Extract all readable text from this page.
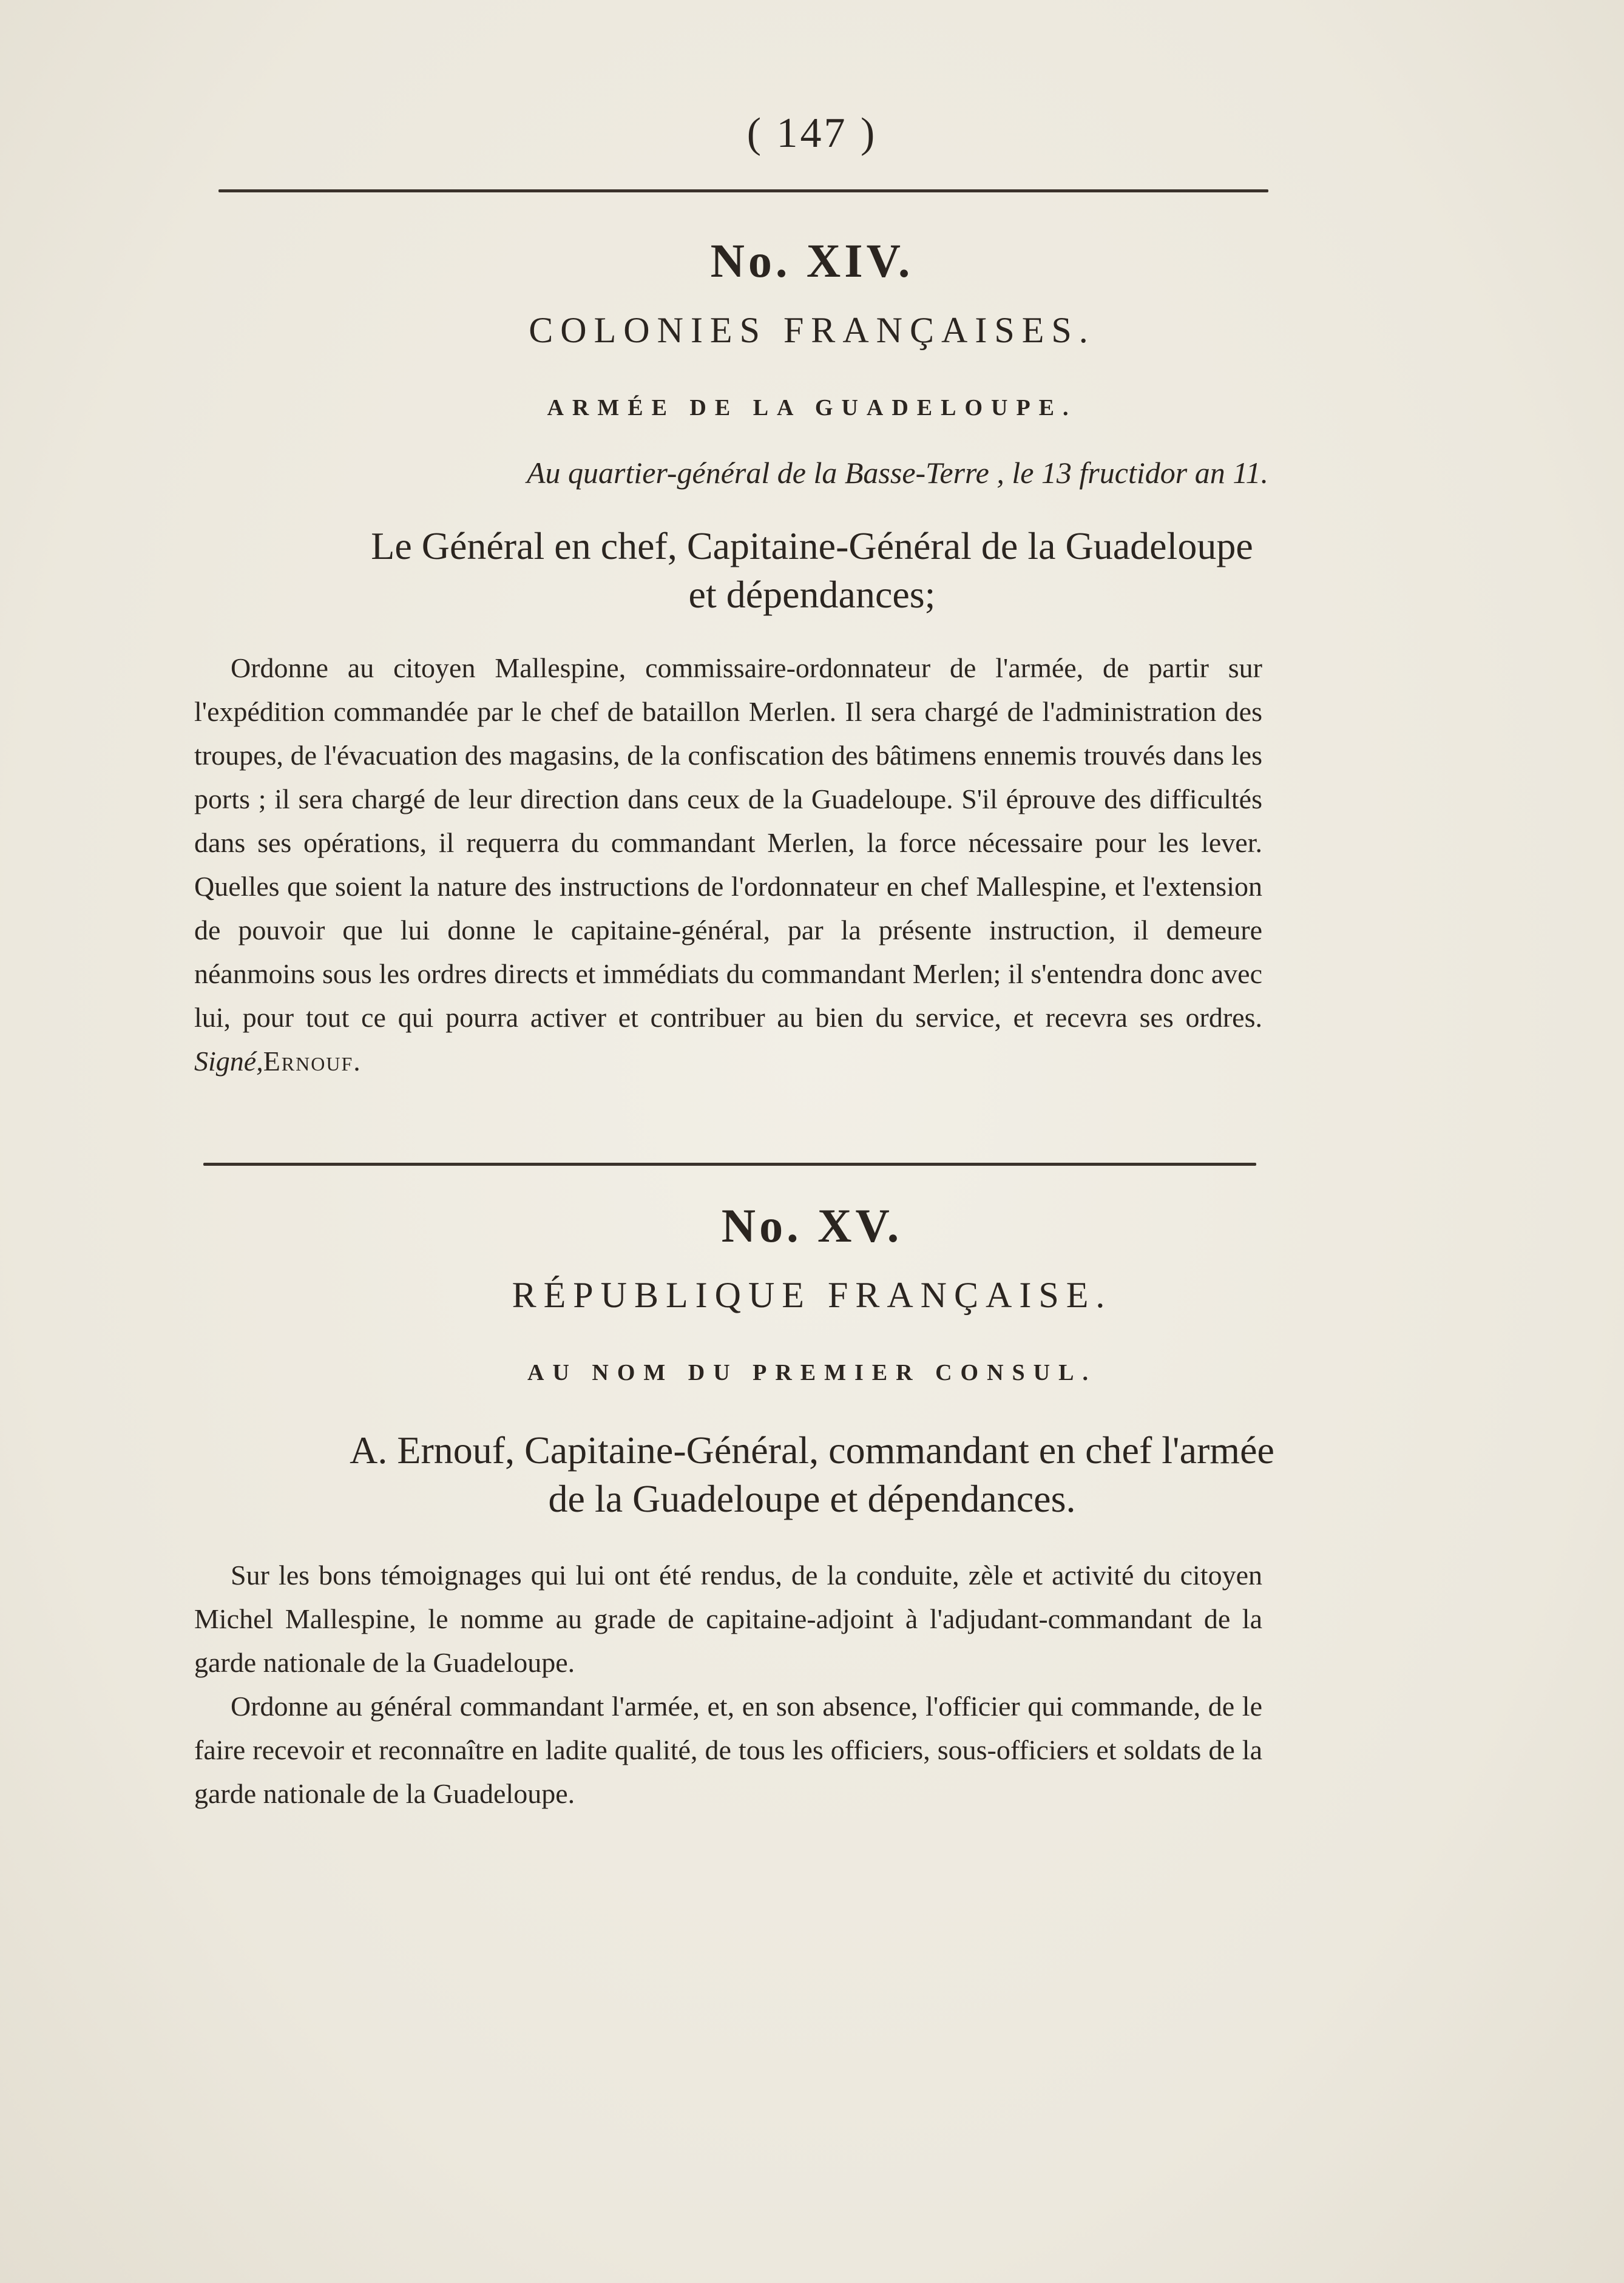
( 147 )
No. XIV.
COLONIES FRANÇAISES.
ARMÉE DE LA GUADELOUPE.
Au quartier-général de la Basse-Terre , le 13 fructidor an 11.
Le Général en chef, Capitaine-Général de la Guadeloupe
et dépendances;

Ordonne au citoyen Mallespine, commissaire-ordonnateur de l'armée, de partir sur l'expédition commandée par le chef de bataillon Merlen. Il sera chargé de l'administration des troupes, de l'évacuation des magasins, de la confiscation des bâtimens ennemis trouvés dans les ports ; il sera chargé de leur direction dans ceux de la Guadeloupe. S'il éprouve des difficultés dans ses opérations, il requerra du commandant Merlen, la force nécessaire pour les lever. Quelles que soient la nature des instructions de l'ordonnateur en chef Mallespine, et l'extension de pouvoir que lui donne le capitaine-général, par la présente instruction, il demeure néanmoins sous les ordres directs et immédiats du commandant Merlen; il s'entendra donc avec lui, pour tout ce qui pourra activer et contribuer au bien du service, et recevra ses ordres. Signé,Ernouf.

No. XV.
RÉPUBLIQUE FRANÇAISE.
AU NOM DU PREMIER CONSUL.
A. Ernouf, Capitaine-Général, commandant en chef l'armée
de la Guadeloupe et dépendances.

Sur les bons témoignages qui lui ont été rendus, de la conduite, zèle et activité du citoyen Michel Mallespine, le nomme au grade de capitaine-adjoint à l'adjudant-commandant de la garde nationale de la Guadeloupe.

Ordonne au général commandant l'armée, et, en son absence, l'officier qui commande, de le faire recevoir et reconnaître en ladite qualité, de tous les officiers, sous-officiers et soldats de la garde nationale de la Guadeloupe.
